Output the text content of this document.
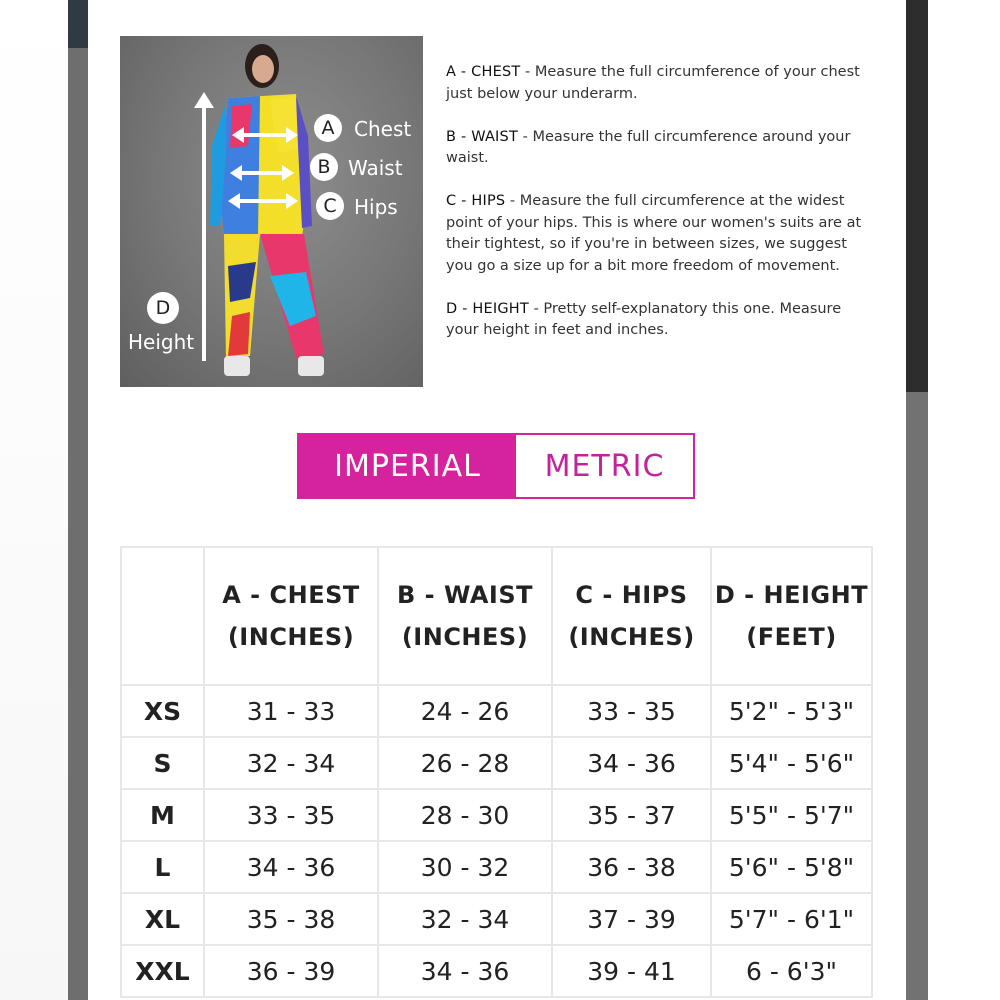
A Chest
B Waist
C Hips
D
Height

A - CHEST - Measure the full circumference of your chest just below your underarm.

B - WAIST - Measure the full circumference around your waist.

C - HIPS - Measure the full circumference at the widest point of your hips. This is where our women's suits are at their tightest, so if you're in between sizes, we suggest you go a size up for a bit more freedom of movement.

D - HEIGHT - Pretty self-explanatory this one. Measure your height in feet and inches.

IMPERIAL	METRIC
	A - CHEST (INCHES)	B - WAIST (INCHES)	C - HIPS (INCHES)	D - HEIGHT (FEET)
XS	31 - 33	24 - 26	33 - 35	5'2" - 5'3"
S	32 - 34	26 - 28	34 - 36	5'4" - 5'6"
M	33 - 35	28 - 30	35 - 37	5'5" - 5'7"
L	34 - 36	30 - 32	36 - 38	5'6" - 5'8"
XL	35 - 38	32 - 34	37 - 39	5'7" - 6'1"
XXL	36 - 39	34 - 36	39 - 41	6 - 6'3"
